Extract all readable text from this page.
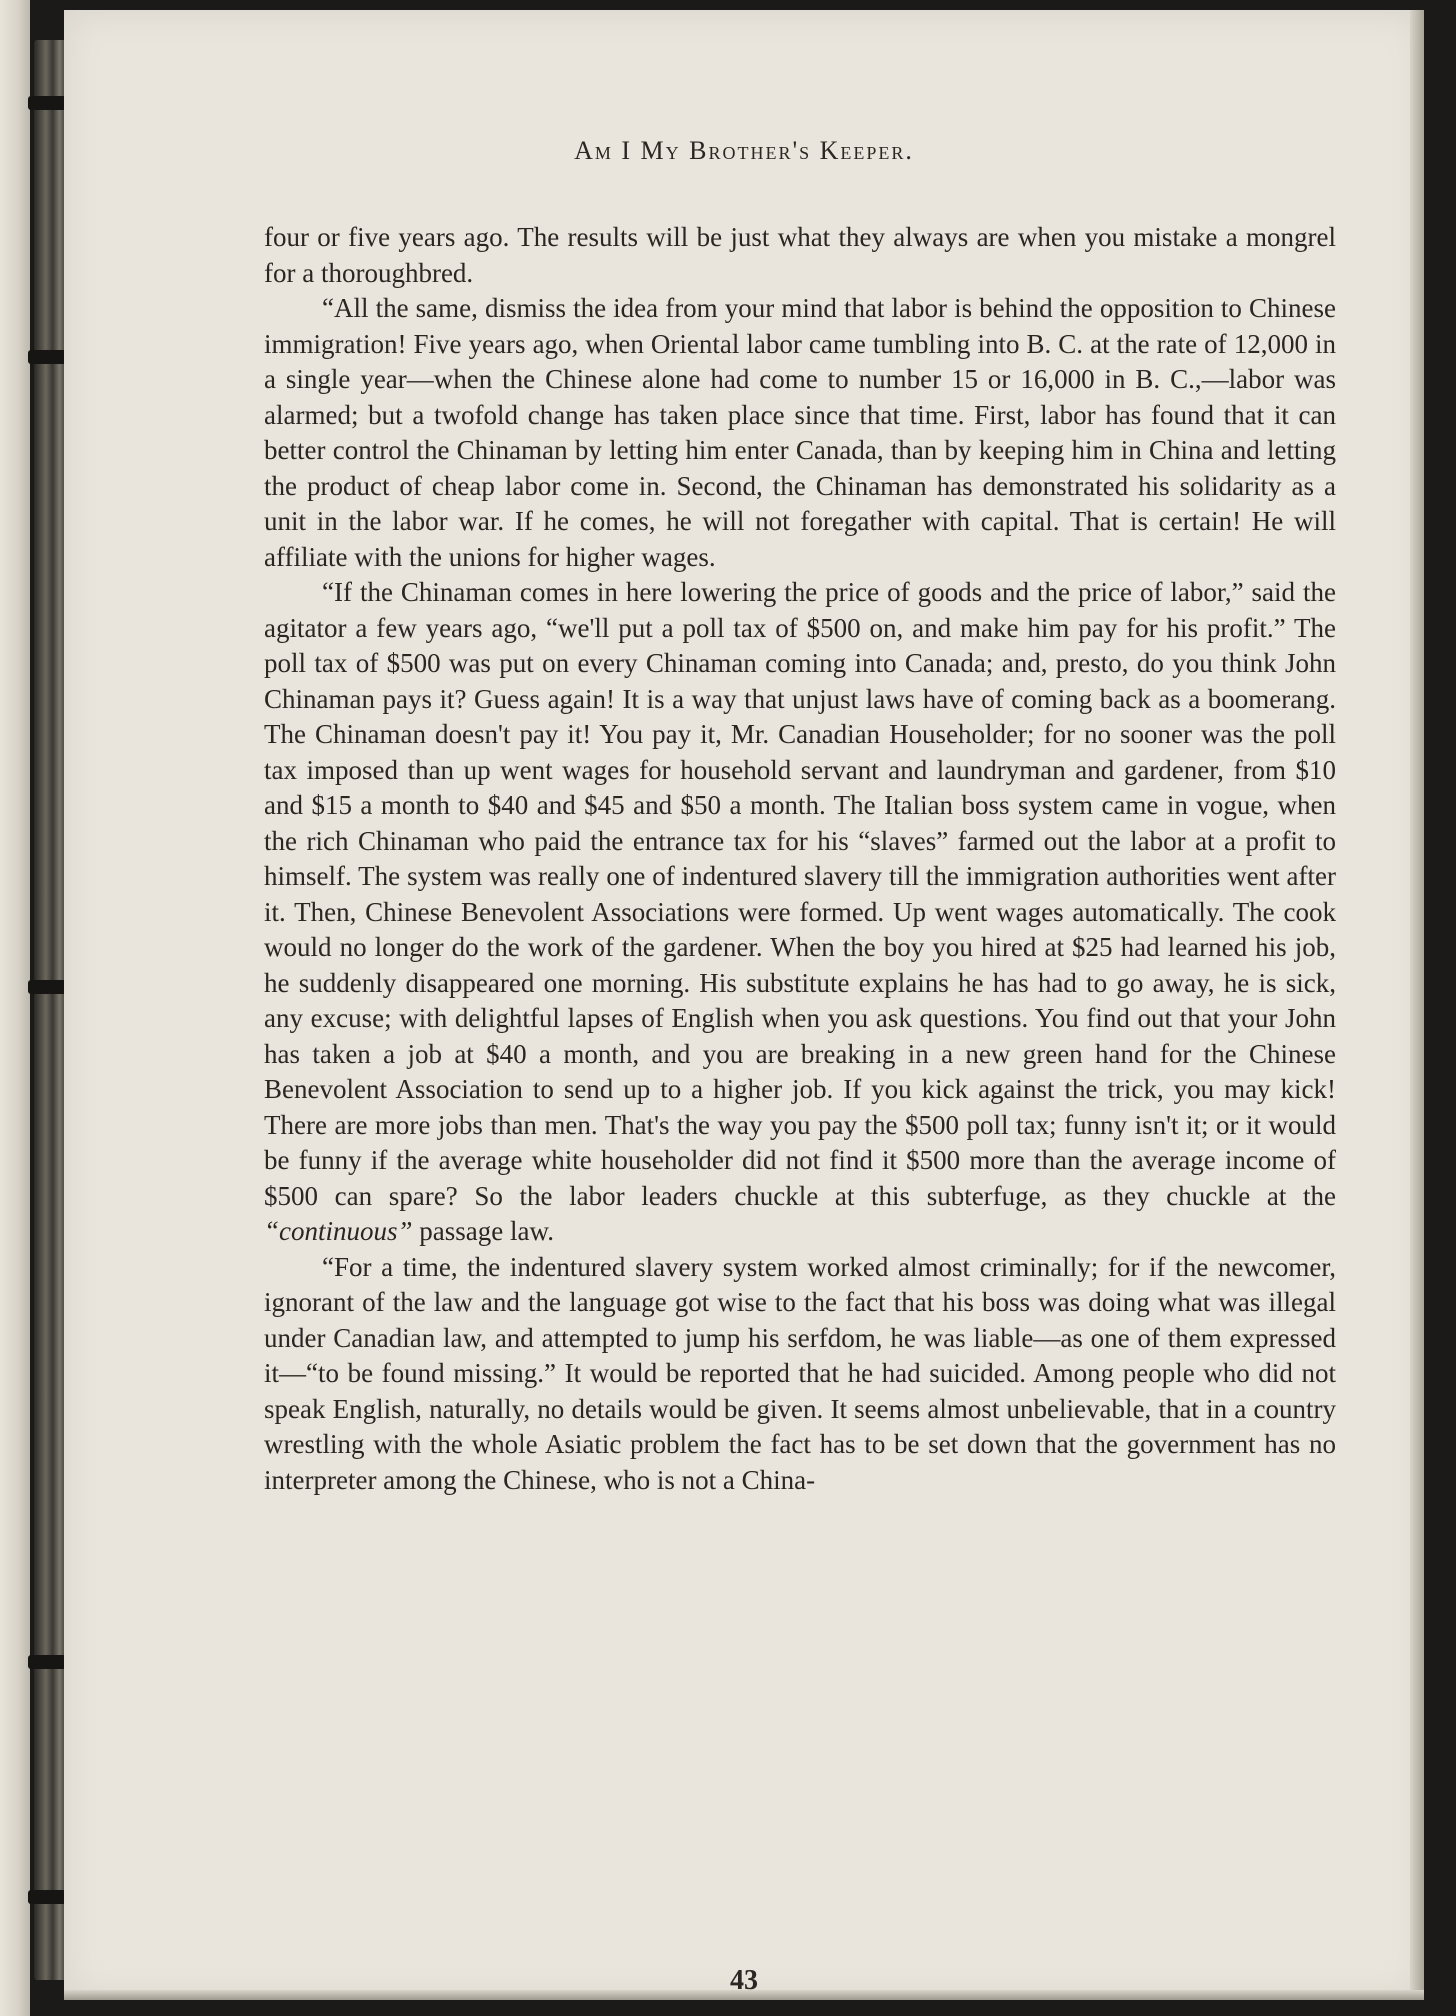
Am I My Brother's Keeper.

four or five years ago. The results will be just what they always are when you mistake a mongrel for a thoroughbred.

“All the same, dismiss the idea from your mind that labor is behind the opposition to Chinese immigration! Five years ago, when Oriental labor came tumbling into B. C. at the rate of 12,000 in a single year—when the Chinese alone had come to number 15 or 16,000 in B. C.,—labor was alarmed; but a twofold change has taken place since that time. First, labor has found that it can better control the Chinaman by letting him enter Canada, than by keeping him in China and letting the product of cheap labor come in. Second, the Chinaman has demonstrated his solidarity as a unit in the labor war. If he comes, he will not foregather with capital. That is certain! He will affiliate with the unions for higher wages.

“If the Chinaman comes in here lowering the price of goods and the price of labor,” said the agitator a few years ago, “we'll put a poll tax of $500 on, and make him pay for his profit.” The poll tax of $500 was put on every Chinaman coming into Canada; and, presto, do you think John Chinaman pays it? Guess again! It is a way that unjust laws have of coming back as a boomerang. The Chinaman doesn't pay it! You pay it, Mr. Canadian Householder; for no sooner was the poll tax imposed than up went wages for household servant and laundryman and gardener, from $10 and $15 a month to $40 and $45 and $50 a month. The Italian boss system came in vogue, when the rich Chinaman who paid the entrance tax for his “slaves” farmed out the labor at a profit to himself. The system was really one of indentured slavery till the immigration authorities went after it. Then, Chinese Benevolent Associations were formed. Up went wages automatically. The cook would no longer do the work of the gardener. When the boy you hired at $25 had learned his job, he suddenly disappeared one morning. His substitute explains he has had to go away, he is sick, any excuse; with delightful lapses of English when you ask questions. You find out that your John has taken a job at $40 a month, and you are breaking in a new green hand for the Chinese Benevolent Association to send up to a higher job. If you kick against the trick, you may kick! There are more jobs than men. That's the way you pay the $500 poll tax; funny isn't it; or it would be funny if the average white householder did not find it $500 more than the average income of $500 can spare? So the labor leaders chuckle at this subterfuge, as they chuckle at the “continuous” passage law.

“For a time, the indentured slavery system worked almost criminally; for if the newcomer, ignorant of the law and the language got wise to the fact that his boss was doing what was illegal under Canadian law, and attempted to jump his serfdom, he was liable—as one of them expressed it—“to be found missing.” It would be reported that he had suicided. Among people who did not speak English, naturally, no details would be given. It seems almost unbelievable, that in a country wrestling with the whole Asiatic problem the fact has to be set down that the government has no interpreter among the Chinese, who is not a China-

43
